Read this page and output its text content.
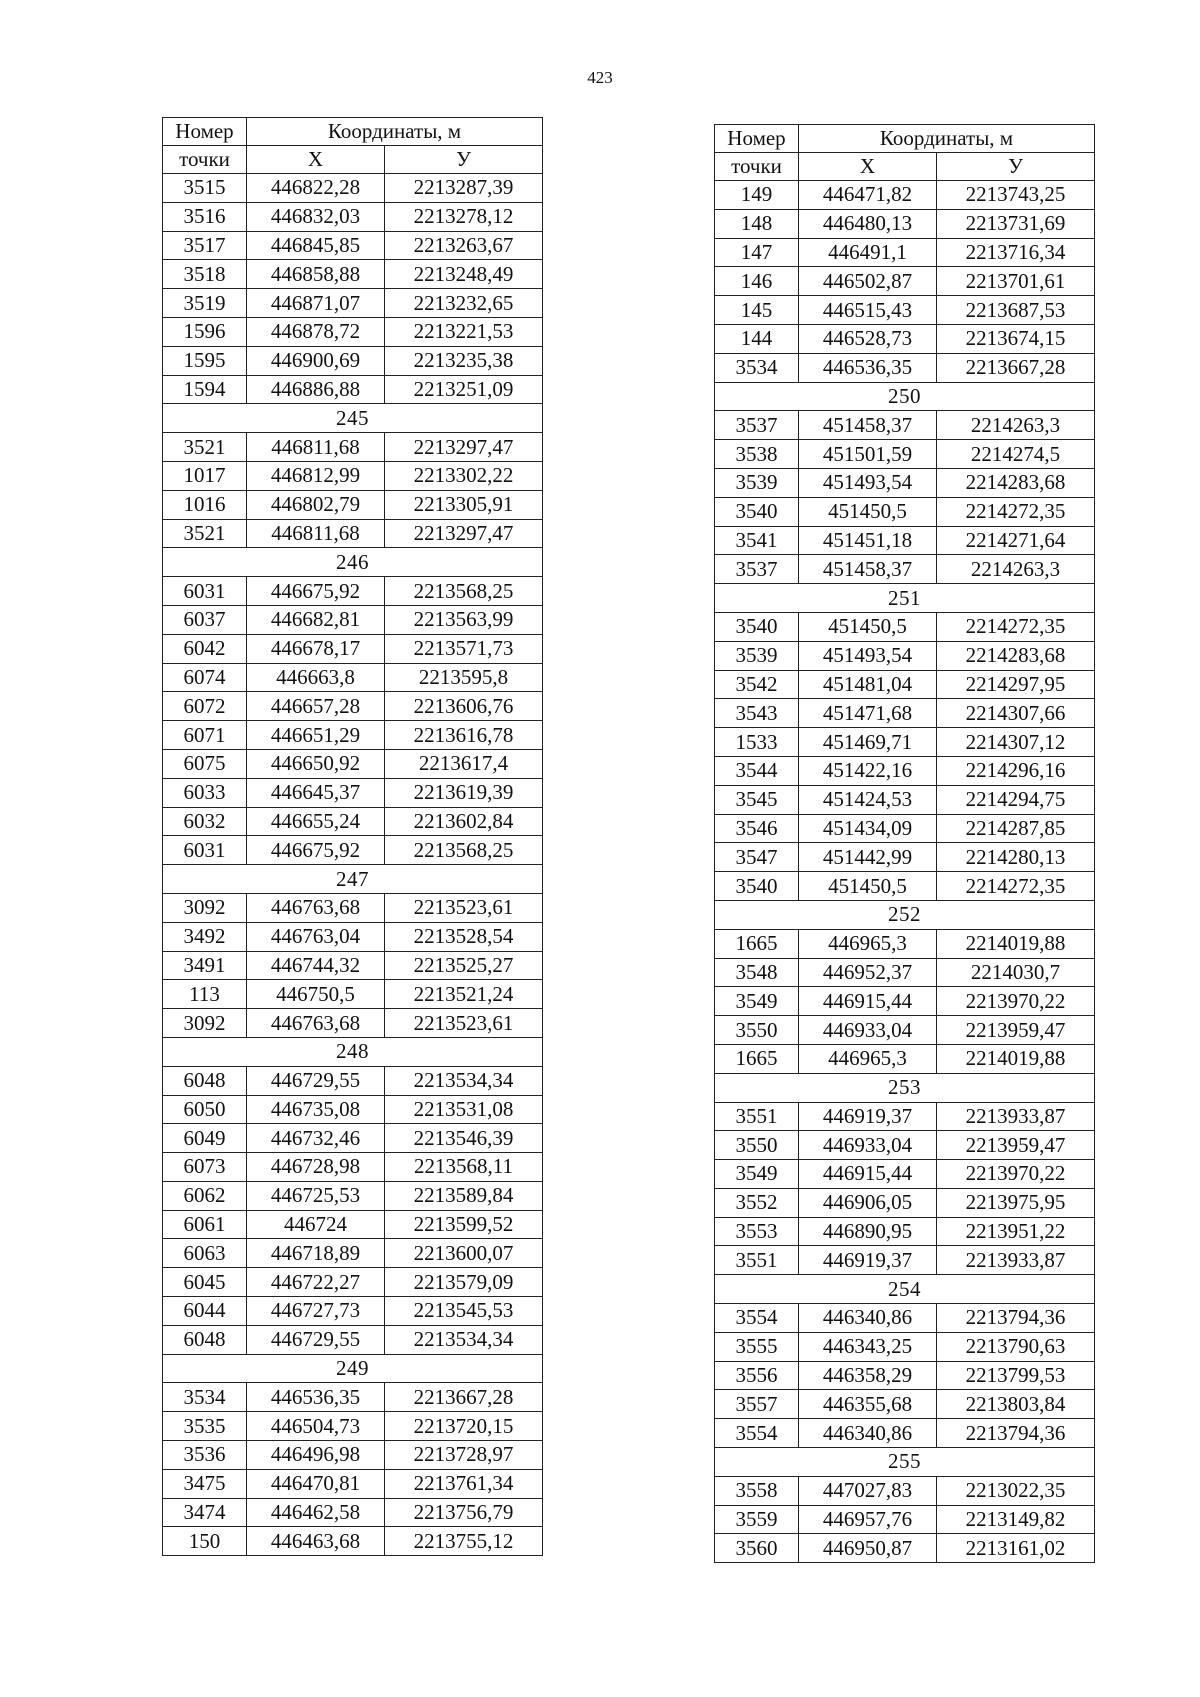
423
Номер	Координаты, м	
точки	Х	У
3515	446822,28	2213287,39
3516	446832,03	2213278,12
3517	446845,85	2213263,67
3518	446858,88	2213248,49
3519	446871,07	2213232,65
1596	446878,72	2213221,53
1595	446900,69	2213235,38
1594	446886,88	2213251,09
245		
3521	446811,68	2213297,47
1017	446812,99	2213302,22
1016	446802,79	2213305,91
3521	446811,68	2213297,47
246		
6031	446675,92	2213568,25
6037	446682,81	2213563,99
6042	446678,17	2213571,73
6074	446663,8	2213595,8
6072	446657,28	2213606,76
6071	446651,29	2213616,78
6075	446650,92	2213617,4
6033	446645,37	2213619,39
6032	446655,24	2213602,84
6031	446675,92	2213568,25
247		
3092	446763,68	2213523,61
3492	446763,04	2213528,54
3491	446744,32	2213525,27
113	446750,5	2213521,24
3092	446763,68	2213523,61
248		
6048	446729,55	2213534,34
6050	446735,08	2213531,08
6049	446732,46	2213546,39
6073	446728,98	2213568,11
6062	446725,53	2213589,84
6061	446724	2213599,52
6063	446718,89	2213600,07
6045	446722,27	2213579,09
6044	446727,73	2213545,53
6048	446729,55	2213534,34
249		
3534	446536,35	2213667,28
3535	446504,73	2213720,15
3536	446496,98	2213728,97
3475	446470,81	2213761,34
3474	446462,58	2213756,79
150	446463,68	2213755,12
Номер	Координаты, м	
точки	Х	У
149	446471,82	2213743,25
148	446480,13	2213731,69
147	446491,1	2213716,34
146	446502,87	2213701,61
145	446515,43	2213687,53
144	446528,73	2213674,15
3534	446536,35	2213667,28
250		
3537	451458,37	2214263,3
3538	451501,59	2214274,5
3539	451493,54	2214283,68
3540	451450,5	2214272,35
3541	451451,18	2214271,64
3537	451458,37	2214263,3
251		
3540	451450,5	2214272,35
3539	451493,54	2214283,68
3542	451481,04	2214297,95
3543	451471,68	2214307,66
1533	451469,71	2214307,12
3544	451422,16	2214296,16
3545	451424,53	2214294,75
3546	451434,09	2214287,85
3547	451442,99	2214280,13
3540	451450,5	2214272,35
252		
1665	446965,3	2214019,88
3548	446952,37	2214030,7
3549	446915,44	2213970,22
3550	446933,04	2213959,47
1665	446965,3	2214019,88
253		
3551	446919,37	2213933,87
3550	446933,04	2213959,47
3549	446915,44	2213970,22
3552	446906,05	2213975,95
3553	446890,95	2213951,22
3551	446919,37	2213933,87
254		
3554	446340,86	2213794,36
3555	446343,25	2213790,63
3556	446358,29	2213799,53
3557	446355,68	2213803,84
3554	446340,86	2213794,36
255		
3558	447027,83	2213022,35
3559	446957,76	2213149,82
3560	446950,87	2213161,02
